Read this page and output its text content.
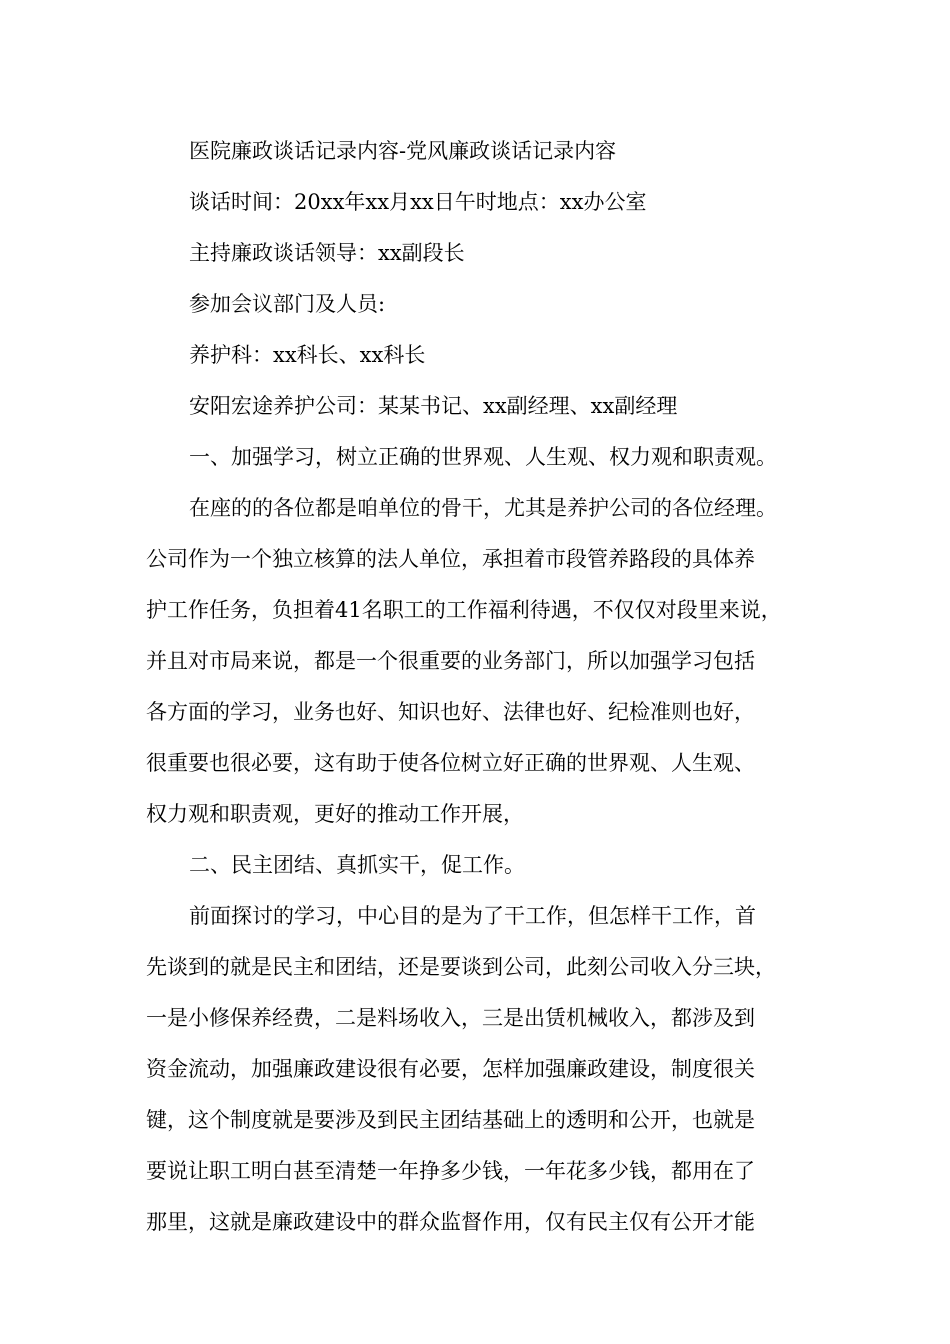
医院廉政谈话记录内容-党风廉政谈话记录内容
谈话时间：20xx年xx月xx日午时地点：xx办公室
主持廉政谈话领导：xx副段长
参加会议部门及人员:
养护科：xx科长、xx科长
安阳宏途养护公司：某某书记、xx副经理、xx副经理
一、加强学习，树立正确的世界观、人生观、权力观和职责观。
在座的的各位都是咱单位的骨干，尤其是养护公司的各位经理。
公司作为一个独立核算的法人单位，承担着市段管养路段的具体养
护工作任务，负担着41名职工的工作福利待遇，不仅仅对段里来说，
并且对市局来说，都是一个很重要的业务部门，所以加强学习包括
各方面的学习，业务也好、知识也好、法律也好、纪检准则也好，
很重要也很必要，这有助于使各位树立好正确的世界观、人生观、
权力观和职责观，更好的推动工作开展，
二、民主团结、真抓实干，促工作。
前面探讨的学习，中心目的是为了干工作，但怎样干工作，首
先谈到的就是民主和团结，还是要谈到公司，此刻公司收入分三块，
一是小修保养经费，二是料场收入，三是出赁机械收入，都涉及到
资金流动，加强廉政建设很有必要，怎样加强廉政建设，制度很关
键，这个制度就是要涉及到民主团结基础上的透明和公开，也就是
要说让职工明白甚至清楚一年挣多少钱，一年花多少钱，都用在了
那里，这就是廉政建设中的群众监督作用，仅有民主仅有公开才能
